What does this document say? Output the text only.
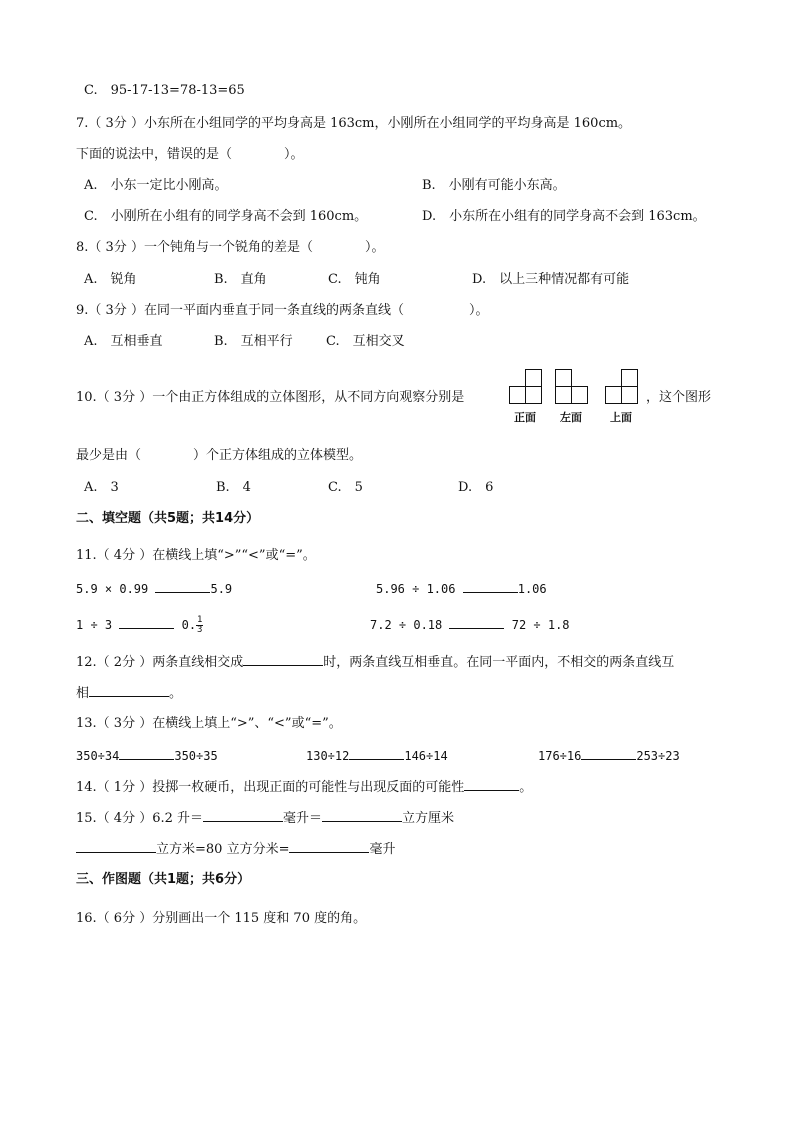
C.　95-17-13=78-13=65
7.（ 3分 ）小东所在小组同学的平均身高是 163cm，小刚所在小组同学的平均身高是 160cm。
下面的说法中，错误的是（　　　　）。
A.　小东一定比小刚高。	B.　小刚有可能小东高。
C.　小刚所在小组有的同学身高不会到 160cm。	D.　小东所在小组有的同学身高不会到 163cm。
8.（ 3分 ）一个钝角与一个锐角的差是（　　　　）。
A.　锐角	B.　直角	C.　钝角	D.　以上三种情况都有可能
9.（ 3分 ）在同一平面内垂直于同一条直线的两条直线（　　　　　）。
A.　互相垂直	B.　互相平行	C.　互相交叉
10.（ 3分 ）一个由正方体组成的立体图形，从不同方向观察分别是
正面 左面	上面
，这个图形
最少是由（　　　　）个正方体组成的立体模型。
A.　3	B.　4	C.　5	D.　6
二、填空题（共5题；共14分）
11.（ 4分 ）在横线上填“>”“<”或“=”。
5.9 × 0.99	5.9	5.96 ÷ 1.06	1.06
1 ÷ 3	0. $\frac{1}{3}$	7.2 ÷ 0.18	72 ÷ 1.8
12.（ 2分 ）两条直线相交成	时，两条直线互相垂直。在同一平面内，不相交的两条直线互
相	。
13.（ 3分 ）在横线上填上“>”、“<”或“=”。
350÷34	350÷35	130÷12	146÷14	176÷16	253÷23
14.（ 1分 ）投掷一枚硬币，出现正面的可能性与出现反面的可能性	。
15.（ 4分 ）6.2 升＝	毫升＝	立方厘米
立方米=80 立方分米=	毫升
三、作图题（共1题；共6分）
16.（ 6分 ）分别画出一个 115 度和 70 度的角。
